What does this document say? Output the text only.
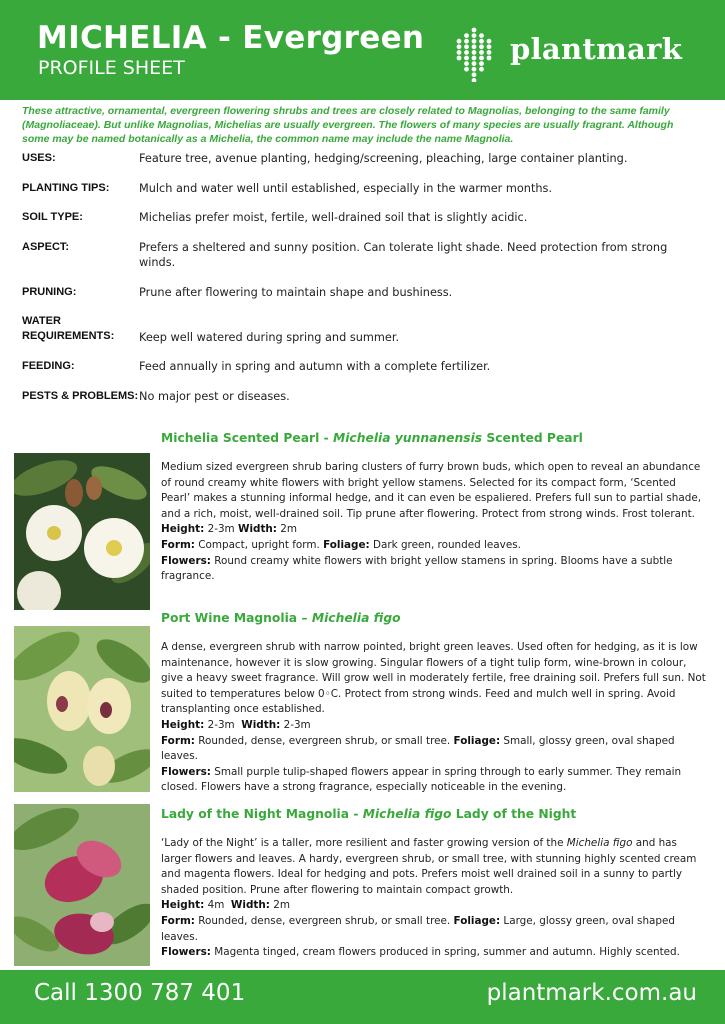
MICHELIA - Evergreen
PROFILE SHEET
plantmark
These attractive, ornamental, evergreen flowering shrubs and trees are closely related to Magnolias, belonging to the same family (Magnoliaceae). But unlike Magnolias, Michelias are usually evergreen. The flowers of many species are usually fragrant. Although some may be named botanically as a Michelia, the common name may include the name Magnolia.
USES:	Feature tree, avenue planting, hedging/screening, pleaching, large container planting.
PLANTING TIPS:	Mulch and water well until established, especially in the warmer months.
SOIL TYPE:	Michelias prefer moist, fertile, well-drained soil that is slightly acidic.
ASPECT:	Prefers a sheltered and sunny position. Can tolerate light shade. Need protection from strong winds.
PRUNING:	Prune after flowering to maintain shape and bushiness.
WATER REQUIREMENTS:	Keep well watered during spring and summer.
FEEDING:	Feed annually in spring and autumn with a complete fertilizer.
PESTS & PROBLEMS: No major pest or diseases.
Michelia Scented Pearl - Michelia yunnanensis Scented Pearl
Medium sized evergreen shrub baring clusters of furry brown buds, which open to reveal an abundance of round creamy white flowers with bright yellow stamens. Selected for its compact form, ‘Scented Pearl’ makes a stunning informal hedge, and it can even be espaliered. Prefers full sun to partial shade, and a rich, moist, well-drained soil. Tip prune after flowering. Protect from strong winds. Frost tolerant.
Height: 2-3m Width: 2m
Form: Compact, upright form. Foliage: Dark green, rounded leaves.
Flowers: Round creamy white flowers with bright yellow stamens in spring. Blooms have a subtle fragrance.
Port Wine Magnolia – Michelia figo
A dense, evergreen shrub with narrow pointed, bright green leaves. Used often for hedging, as it is low maintenance, however it is slow growing. Singular flowers of a tight tulip form, wine-brown in colour, give a heavy sweet fragrance. Will grow well in moderately fertile, free draining soil. Prefers full sun. Not suited to temperatures below 0◦C. Protect from strong winds. Feed and mulch well in spring. Avoid transplanting once established.
Height: 2-3m Width: 2-3m
Form: Rounded, dense, evergreen shrub, or small tree. Foliage: Small, glossy green, oval shaped leaves.
Flowers: Small purple tulip-shaped flowers appear in spring through to early summer. They remain closed. Flowers have a strong fragrance, especially noticeable in the evening.
Lady of the Night Magnolia - Michelia figo Lady of the Night
‘Lady of the Night’ is a taller, more resilient and faster growing version of the Michelia figo and has larger flowers and leaves. A hardy, evergreen shrub, or small tree, with stunning highly scented cream and magenta flowers. Ideal for hedging and pots. Prefers moist well drained soil in a sunny to partly shaded position. Prune after flowering to maintain compact growth.
Height: 4m Width: 2m
Form: Rounded, dense, evergreen shrub, or small tree. Foliage: Large, glossy green, oval shaped leaves.
Flowers: Magenta tinged, cream flowers produced in spring, summer and autumn. Highly scented.
Call 1300 787 401	plantmark.com.au
